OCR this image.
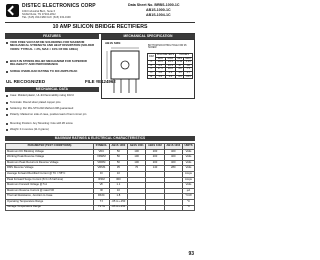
DISTEC ELECTRONICS CORP
1640 Industrial Blvd., Suite 6
NASHVILLE, TN 37204-2812
TEL: (615) 333-1980 FAX: (615) 333-1990
Data Sheet No. BRBS-1000-1C
AB1S-1000-1C
AB1S-1004-1C
10 AMP SILICON BRIDGE RECTIFIERS
FEATURES	MECHANICAL SPECIFICATION
VOID FREE VACUUM DIE SOLDERING FOR MAXIMUM MECHANICAL STRENGTH AND HEAT DISSIPATION (SOLDER VOIDS: TYPICAL < 2%, MAX < 10% OF DIE AREA)
BUILT-IN STRESS RELIEF MECHANISM FOR SUPERIOR RELIABILITY AND PERFORMANCE
SURGE OVERLOAD RATING TO 300 AMPS PEAK
UL RECOGNIZED	FILE #E124962
MECHANICAL DATA
Case: Molded plastic, UL-94 flammability rating 94V-0
Terminals: Round silver plated copper pins
Soldering: Per MIL-STD-202 Method 208 guaranteed
Polarity: Marked on side of case, positive lead of bent corner pin
Mounting Position: Any Mounting: hole with #6 screw
Weight: 0.4 ounces (11.3 grams)
AB1S SIZE
BOTTOM MOUNTING HOLE FOR #6 SCREW
DIM	MILLIMETERS		INCHES	
	MIN	MAX	MIN	MAX
A	28.4	29.1	1.12	1.15
B	9.4	10.1	.37	.40
C	17.5	18.0	.69	.71
D	3.8	4.3	.15	.17
E	1.2	1.4	.05	.055
MAXIMUM RATINGS & ELECTRICAL CHARACTERISTICS
PARAMETER (TEST CONDITIONS)	SYMBOL	AB1S 1000	AB1S 1001	AB1S 1002	AB1S 1004	UNITS
Maximum DC Blocking Voltage	VDC	50	100	200	400	Volts
Working Peak Reverse Voltage	VRWM	50	100	200	400	Volts
Maximum Peak Recurrent Reverse Voltage	VRRM	50	100	200	400	Volts
RMS Reverse Voltage	VRMS	35	70	140	280	Volts
Average Forward Rectified Current @ TC = 55°C	IO	10				Amps
Peak Forward Surge Current (8.3 mS half sine)	IFSM	300				Amps
Maximum Forward Voltage @ 5 A	VF	1.1				Volts
Maximum Reverse Current @ rated VR	IR	10				µA
Thermal Resistance, Junction to Case	RθJC	1.8				°C/W
Operating Temperature Range	TJ	-65 to +150				°C
Storage Temperature Range	TSTG	-65 to +150				°C
93
